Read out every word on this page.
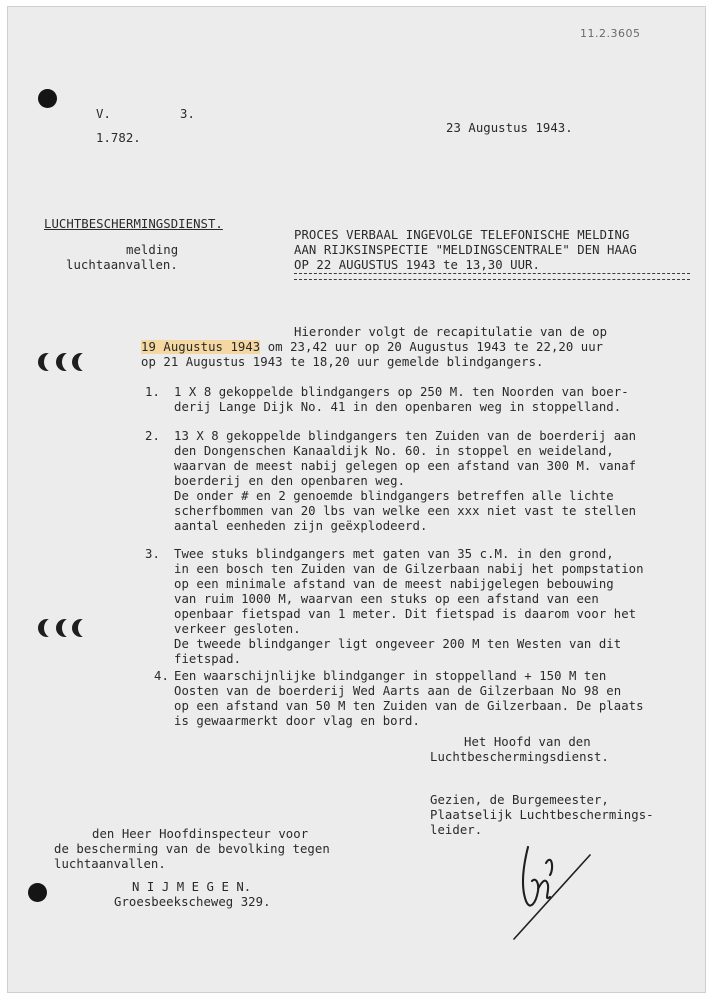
11.2.3605
V.	3.
1.782.
23 Augustus 1943.
LUCHTBESCHERMINGSDIENST.
melding
luchtaanvallen.
PROCES VERBAAL INGEVOLGE TELEFONISCHE MELDING
AAN RIJKSINSPECTIE "MELDINGSCENTRALE" DEN HAAG
OP 22 AUGUSTUS 1943 te 13,30 UUR.
Hieronder volgt de recapitulatie van de op
19 Augustus 1943 om 23,42 uur op 20 Augustus 1943 te 22,20 uur
op 21 Augustus 1943 te 18,20 uur gemelde blindgangers.
1. 1 X 8 gekoppelde blindgangers op 250 M. ten Noorden van boer-
derij Lange Dijk No. 41 in den openbaren weg in stoppelland.
2. 13 X 8 gekoppelde blindgangers ten Zuiden van de boerderij aan
den Dongenschen Kanaaldijk No. 60. in stoppel en weideland,
waarvan de meest nabij gelegen op een afstand van 300 M. vanaf
boerderij en den openbaren weg.
De onder # en 2 genoemde blindgangers betreffen alle lichte
scherfbommen van 20 lbs van welke een xxx niet vast te stellen
aantal eenheden zijn geëxplodeerd.
3. Twee stuks blindgangers met gaten van 35 c.M. in den grond,
in een bosch ten Zuiden van de Gilzerbaan nabij het pompstation
op een minimale afstand van de meest nabijgelegen bebouwing
van ruim 1000 M, waarvan een stuks op een afstand van een
openbaar fietspad van 1 meter. Dit fietspad is daarom voor het
verkeer gesloten.
De tweede blindganger ligt ongeveer 200 M ten Westen van dit
fietspad.
4. Een waarschijnlijke blindganger in stoppelland + 150 M ten
Oosten van de boerderij Wed Aarts aan de Gilzerbaan No 98 en
op een afstand van 50 M ten Zuiden van de Gilzerbaan. De plaats
is gewaarmerkt door vlag en bord.
Het Hoofd van den
Luchtbeschermingsdienst.
Gezien, de Burgemeester,
Plaatselijk Luchtbeschermings-
leider.
den Heer Hoofdinspecteur voor
de bescherming van de bevolking tegen
luchtaanvallen.
N I J M E G E N.
Groesbeekscheweg 329.
